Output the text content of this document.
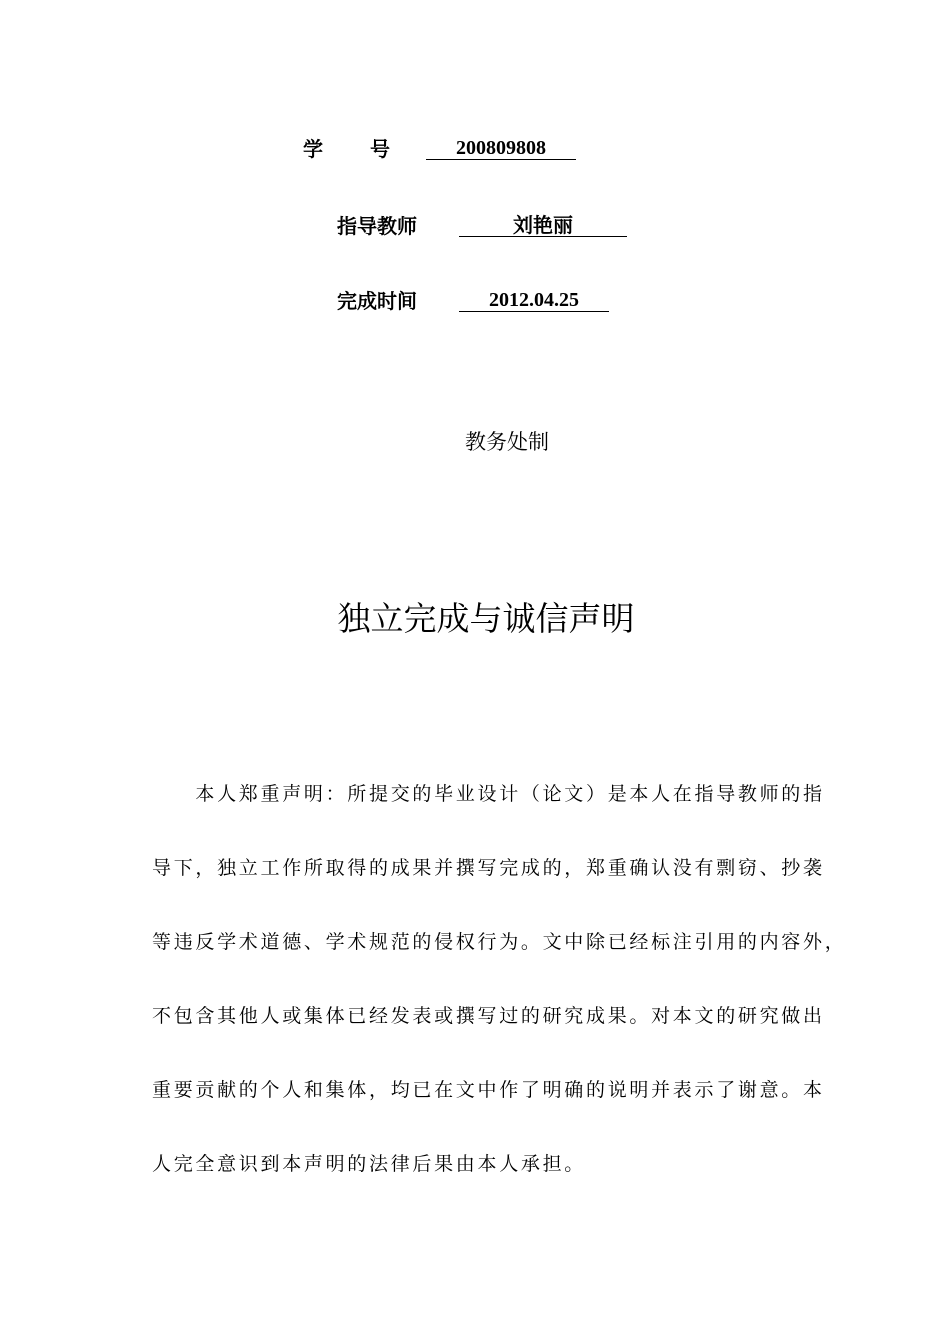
学 号	200809808
指导教师	刘艳丽
完成时间	2012.04.25
教务处制
独立完成与诚信声明
　　本人郑重声明：所提交的毕业设计（论文）是本人在指导教师的指
导下，独立工作所取得的成果并撰写完成的，郑重确认没有剽窃、抄袭
等违反学术道德、学术规范的侵权行为。文中除已经标注引用的内容外，
不包含其他人或集体已经发表或撰写过的研究成果。对本文的研究做出
重要贡献的个人和集体，均已在文中作了明确的说明并表示了谢意。本
人完全意识到本声明的法律后果由本人承担。
